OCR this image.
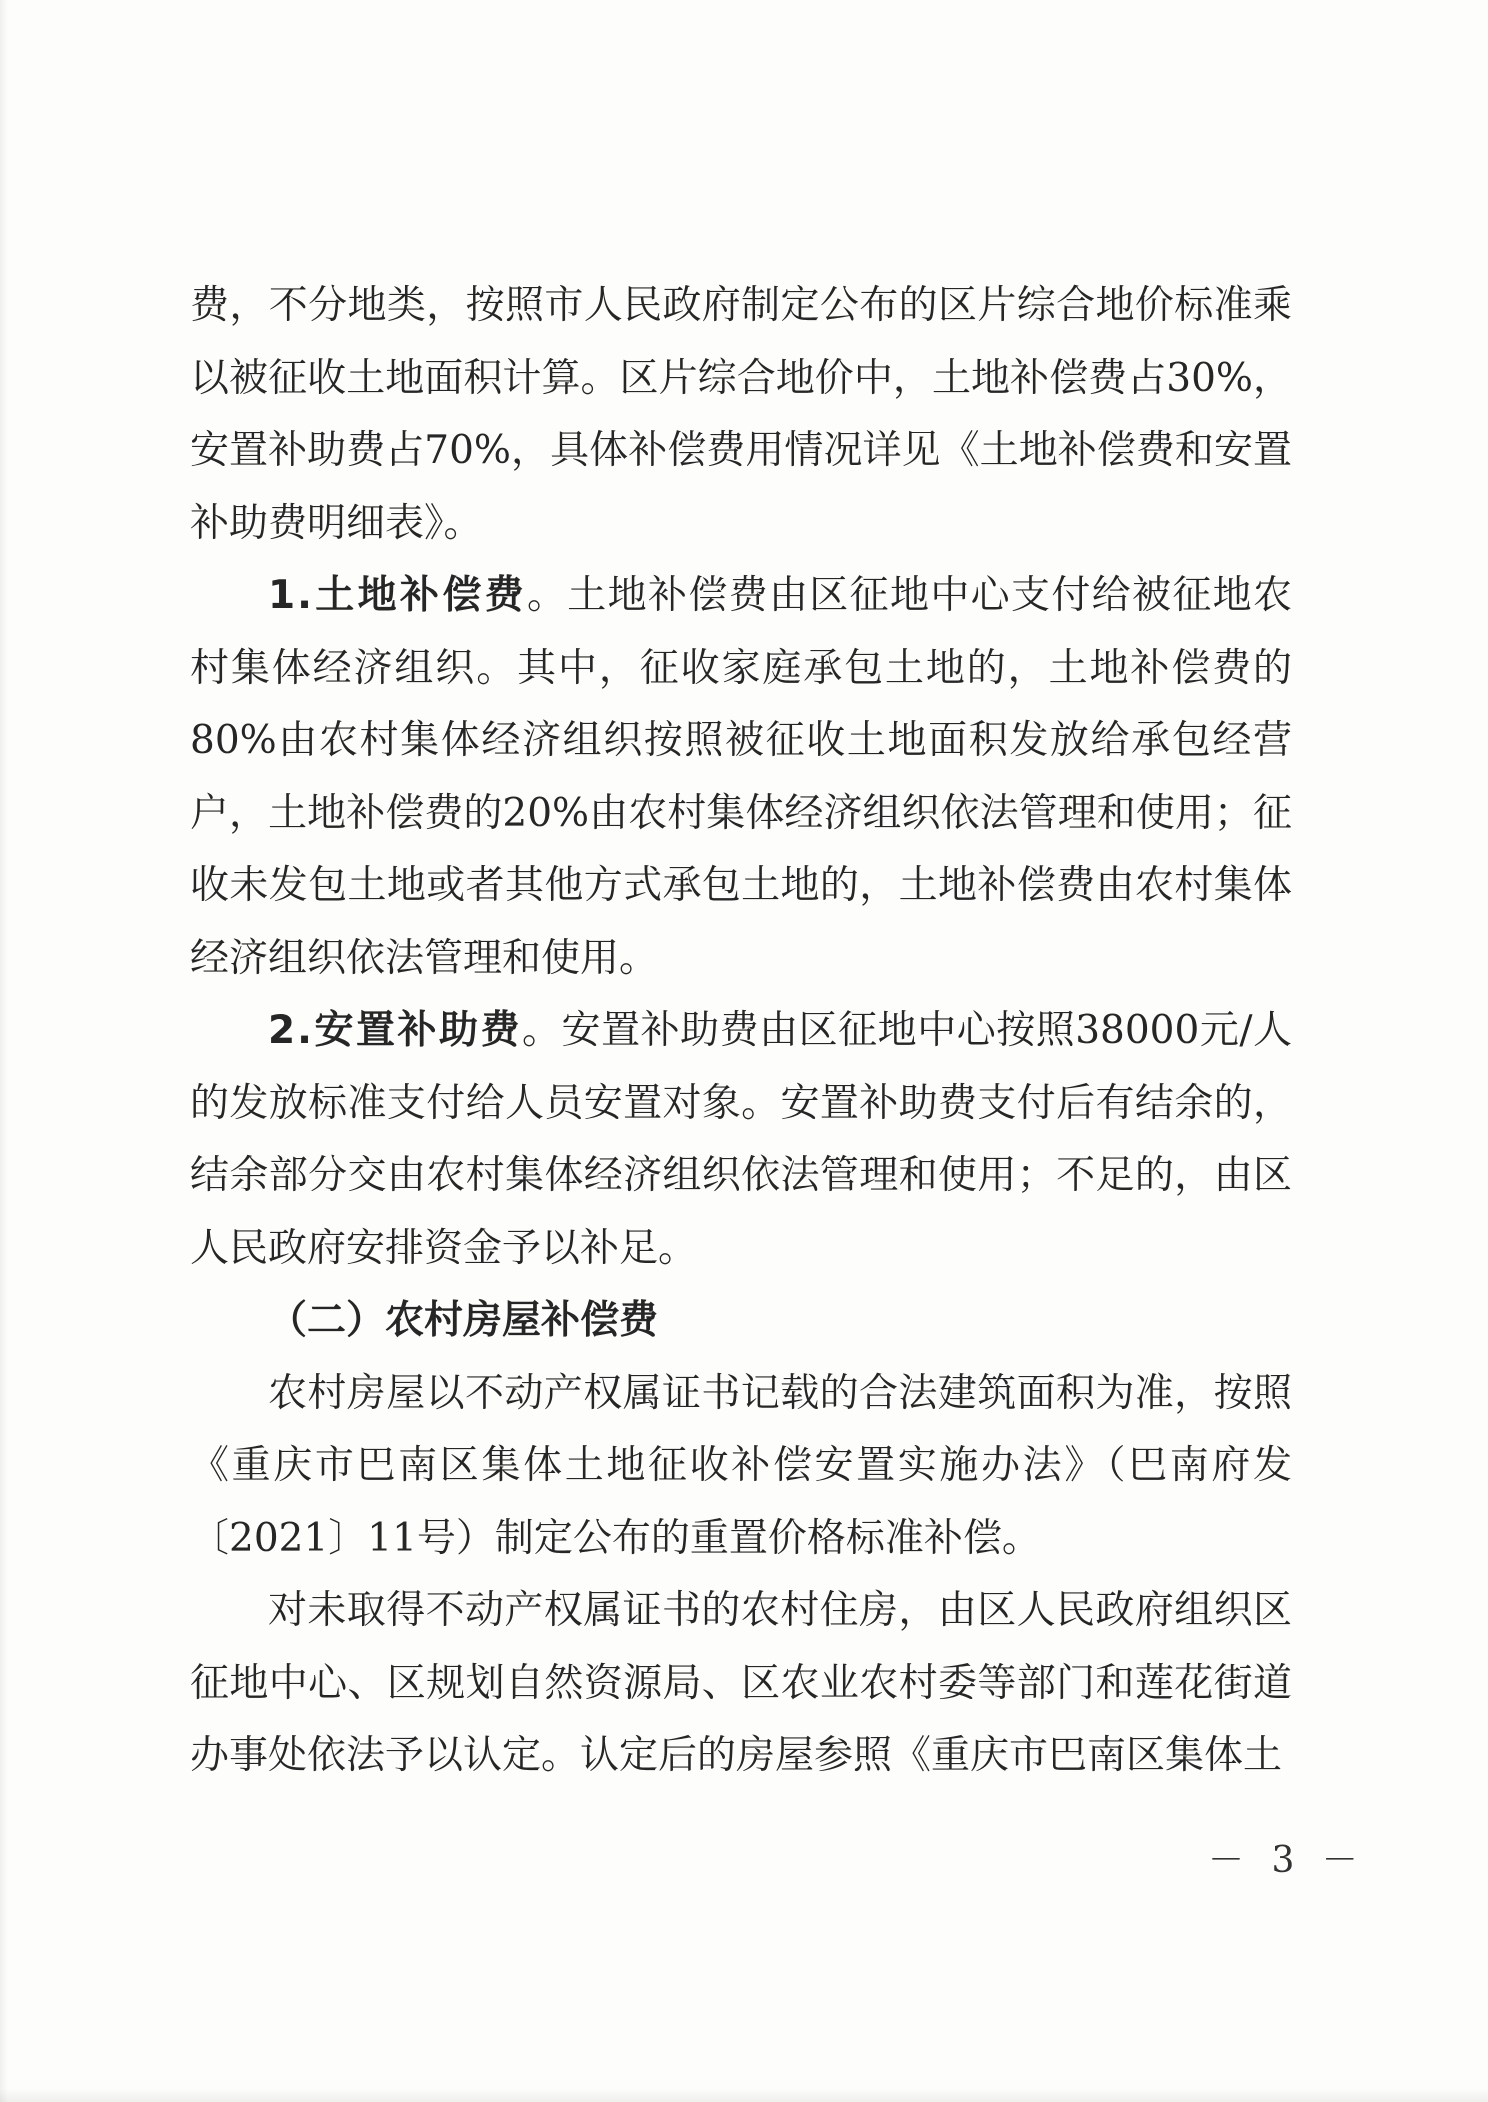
费，不分地类，按照市人民政府制定公布的区片综合地价标准乘以被征收土地面积计算。区片综合地价中，土地补偿费占30%，安置补助费占70%，具体补偿费用情况详见《土地补偿费和安置补助费明细表》。

1.土地补偿费。土地补偿费由区征地中心支付给被征地农村集体经济组织。其中，征收家庭承包土地的，土地补偿费的80%由农村集体经济组织按照被征收土地面积发放给承包经营户，土地补偿费的20%由农村集体经济组织依法管理和使用；征收未发包土地或者其他方式承包土地的，土地补偿费由农村集体经济组织依法管理和使用。

2.安置补助费。安置补助费由区征地中心按照38000元/人的发放标准支付给人员安置对象。安置补助费支付后有结余的，结余部分交由农村集体经济组织依法管理和使用；不足的，由区人民政府安排资金予以补足。

（二）农村房屋补偿费

农村房屋以不动产权属证书记载的合法建筑面积为准，按照《重庆市巴南区集体土地征收补偿安置实施办法》（巴南府发〔2021〕11号）制定公布的重置价格标准补偿。

对未取得不动产权属证书的农村住房，由区人民政府组织区征地中心、区规划自然资源局、区农业农村委等部门和莲花街道办事处依法予以认定。认定后的房屋参照《重庆市巴南区集体土

－ 3 －
